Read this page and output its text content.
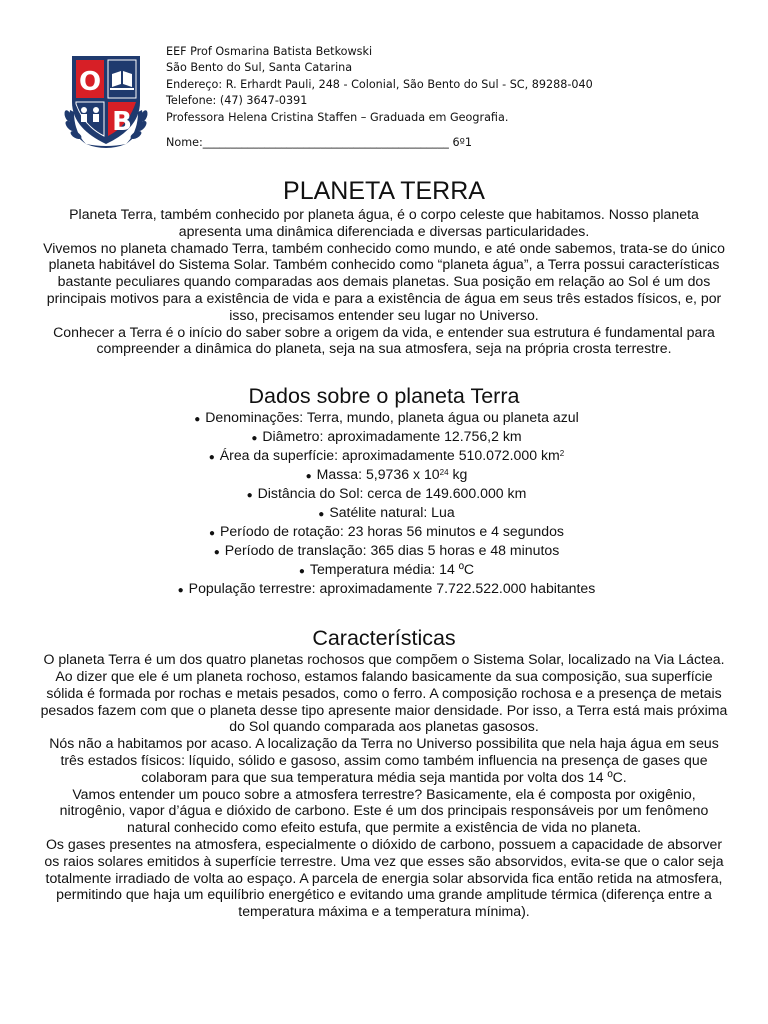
O
B
EEF Prof Osmarina Batista Betkowski
São Bento do Sul, Santa Catarina
Endereço: R. Erhardt Pauli, 248 - Colonial, São Bento do Sul - SC, 89288-040
Telefone: (47) 3647-0391
Professora Helena Cristina Staffen – Graduada em Geografia.
Nome:____________________________________________ 6º1
PLANETA TERRA

Planeta Terra, também conhecido por planeta água, é o corpo celeste que habitamos. Nosso planeta apresenta uma dinâmica diferenciada e diversas particularidades.

Vivemos no planeta chamado Terra, também conhecido como mundo, e até onde sabemos, trata-se do único planeta habitável do Sistema Solar. Também conhecido como “planeta água”, a Terra possui características bastante peculiares quando comparadas aos demais planetas. Sua posição em relação ao Sol é um dos principais motivos para a existência de vida e para a existência de água em seus três estados físicos, e, por isso, precisamos entender seu lugar no Universo.

Conhecer a Terra é o início do saber sobre a origem da vida, e entender sua estrutura é fundamental para compreender a dinâmica do planeta, seja na sua atmosfera, seja na própria crosta terrestre.

Dados sobre o planeta Terra
● Denominações: Terra, mundo, planeta água ou planeta azul
● Diâmetro: aproximadamente 12.756,2 km
● Área da superfície: aproximadamente 510.072.000 $km^2$
● Massa: 5,9736 x $10^{24}$ kg
● Distância do Sol: cerca de 149.600.000 km
● Satélite natural: Lua
● Período de rotação: 23 horas 56 minutos e 4 segundos
● Período de translação: 365 dias 5 horas e 48 minutos
● Temperatura média: 14 ºC
● População terrestre: aproximadamente 7.722.522.000 habitantes
Características

O planeta Terra é um dos quatro planetas rochosos que compõem o Sistema Solar, localizado na Via Láctea. Ao dizer que ele é um planeta rochoso, estamos falando basicamente da sua composição, sua superfície sólida é formada por rochas e metais pesados, como o ferro. A composição rochosa e a presença de metais pesados fazem com que o planeta desse tipo apresente maior densidade. Por isso, a Terra está mais próxima do Sol quando comparada aos planetas gasosos.

Nós não a habitamos por acaso. A localização da Terra no Universo possibilita que nela haja água em seus três estados físicos: líquido, sólido e gasoso, assim como também influencia na presença de gases que colaboram para que sua temperatura média seja mantida por volta dos 14 ºC.

Vamos entender um pouco sobre a atmosfera terrestre? Basicamente, ela é composta por oxigênio, nitrogênio, vapor d’água e dióxido de carbono. Este é um dos principais responsáveis por um fenômeno natural conhecido como efeito estufa, que permite a existência de vida no planeta.

Os gases presentes na atmosfera, especialmente o dióxido de carbono, possuem a capacidade de absorver os raios solares emitidos à superfície terrestre. Uma vez que esses são absorvidos, evita-se que o calor seja totalmente irradiado de volta ao espaço. A parcela de energia solar absorvida fica então retida na atmosfera, permitindo que haja um equilíbrio energético e evitando uma grande amplitude térmica (diferença entre a temperatura máxima e a temperatura mínima).
